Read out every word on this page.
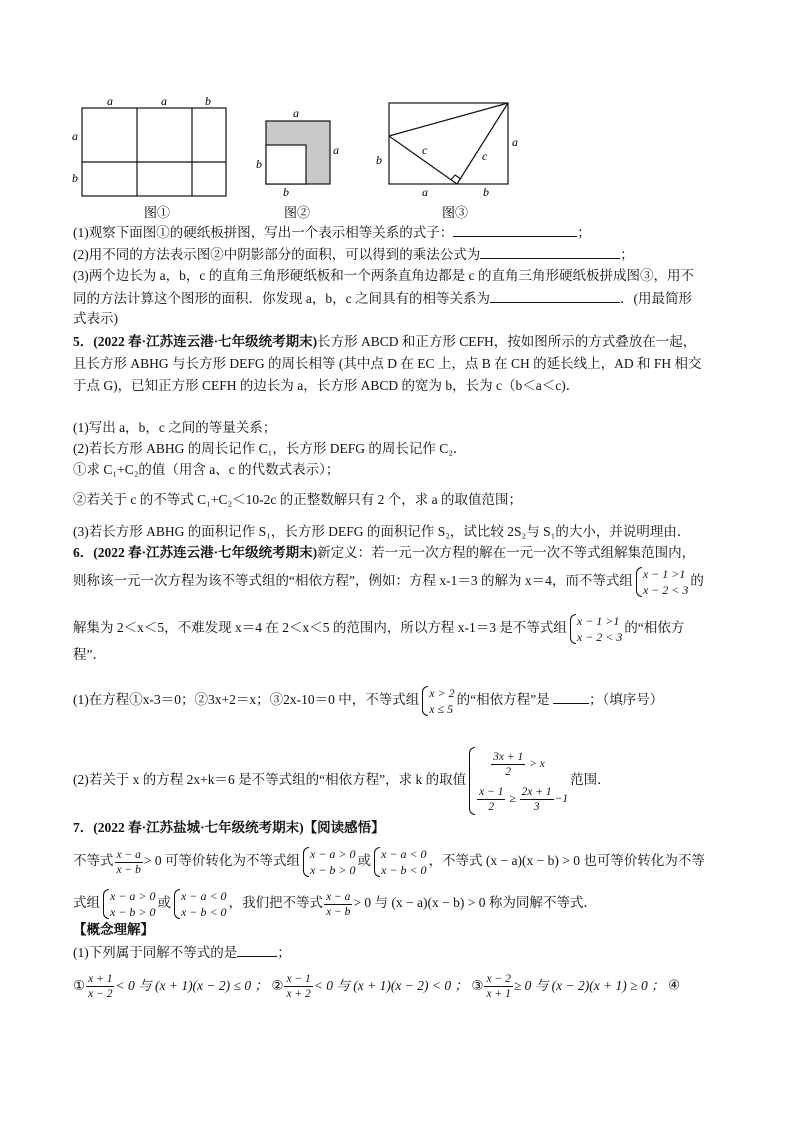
a	a	b
a
b
图①
a
a
b
b
图②
b
c	c
a
a	b
图③
(1)观察下面图①的硬纸板拼图，写出一个表示相等关系的式子：	；
(2)用不同的方法表示图②中阴影部分的面积，可以得到的乘法公式为	；
(3)两个边长为 a，b，c 的直角三角形硬纸板和一个两条直角边都是 c 的直角三角形硬纸板拼成图③，用不
同的方法计算这个图形的面积．你发现 a，b，c 之间具有的相等关系为	．(用最简形
式表示)
5．(2022 春·江苏连云港·七年级统考期末)长方形 ABCD 和正方形 CEFH，按如图所示的方式叠放在一起，
且长方形 ABHG 与长方形 DEFG 的周长相等 (其中点 D 在 EC 上，点 B 在 CH 的延长线上，AD 和 FH 相交
于点 G)，已知正方形 CEFH 的边长为 a，长方形 ABCD 的宽为 b，长为 c（b＜a＜c)．
(1)写出 a，b，c 之间的等量关系；
(2)若长方形 ABHG 的周长记作 C₁，长方形 DEFG 的周长记作 C₂．
①求 C₁+C₂的值（用含 a、c 的代数式表示）；
②若关于 c 的不等式 C₁+C₂＜10-2c 的正整数解只有 2 个，求 a 的取值范围；
(3)若长方形 ABHG 的面积记作 S₁，长方形 DEFG 的面积记作 S₂，试比较 2S₂与 S₁的大小，并说明理由．
6．(2022 春·江苏连云港·七年级统考期末)新定义：若一元一次方程的解在一元一次不等式组解集范围内，
则称该一元一次方程为该不等式组的“相依方程”，例如：方程 x-1＝3 的解为 x＝4，而不等式组 x − 1 >1
x − 2 < 3
的
解集为 2＜x＜5，不难发现 x＝4 在 2＜x＜5 的范围内，所以方程 x-1＝3 是不等式组 x − 1 >1
x − 2 < 3
的“相依方
程”．
(1)在方程①x-3＝0；②3x+2＝x；③2x-10＝0 中，不等式组 x > 2
x ≤ 5
的“相依方程”是	；（填序号）
(2)若关于 x 的方程 2x+k＝6 是不等式组的“相依方程”，求 k 的取值
$\frac{3x + 1}{2} > x$
$\frac{x - 1}{2} \ge \frac{2x + 1}{3} -1$
范围．
7．(2022 春·江苏盐城·七年级统考期末)【阅读感悟】
不等式 $\frac{x - a}{x - b} > 0$ 可等价转化为不等式组 x − a > 0
x − b > 0
或 x − a < 0
x − b < 0
，不等式 (x − a)(x − b) > 0 也可等价转化为不等
式组 x − a > 0
x − b > 0
或 x − a < 0
x − b < 0
，我们把不等式 $\frac{x - a}{x - b} > 0$ 与 (x − a)(x − b) > 0 称为同解不等式．
【概念理解】
(1)下列属于同解不等式的是	；
① $\frac{x + 1}{x - 2} < 0$ 与 (x + 1)(x − 2) ≤ 0 ； ② $\frac{x - 1}{x + 2} < 0$ 与 (x + 1)(x − 2) < 0 ； ③ $\frac{x - 2}{x + 1} \ge 0$ 与 (x − 2)(x + 1) ≥ 0 ； ④
